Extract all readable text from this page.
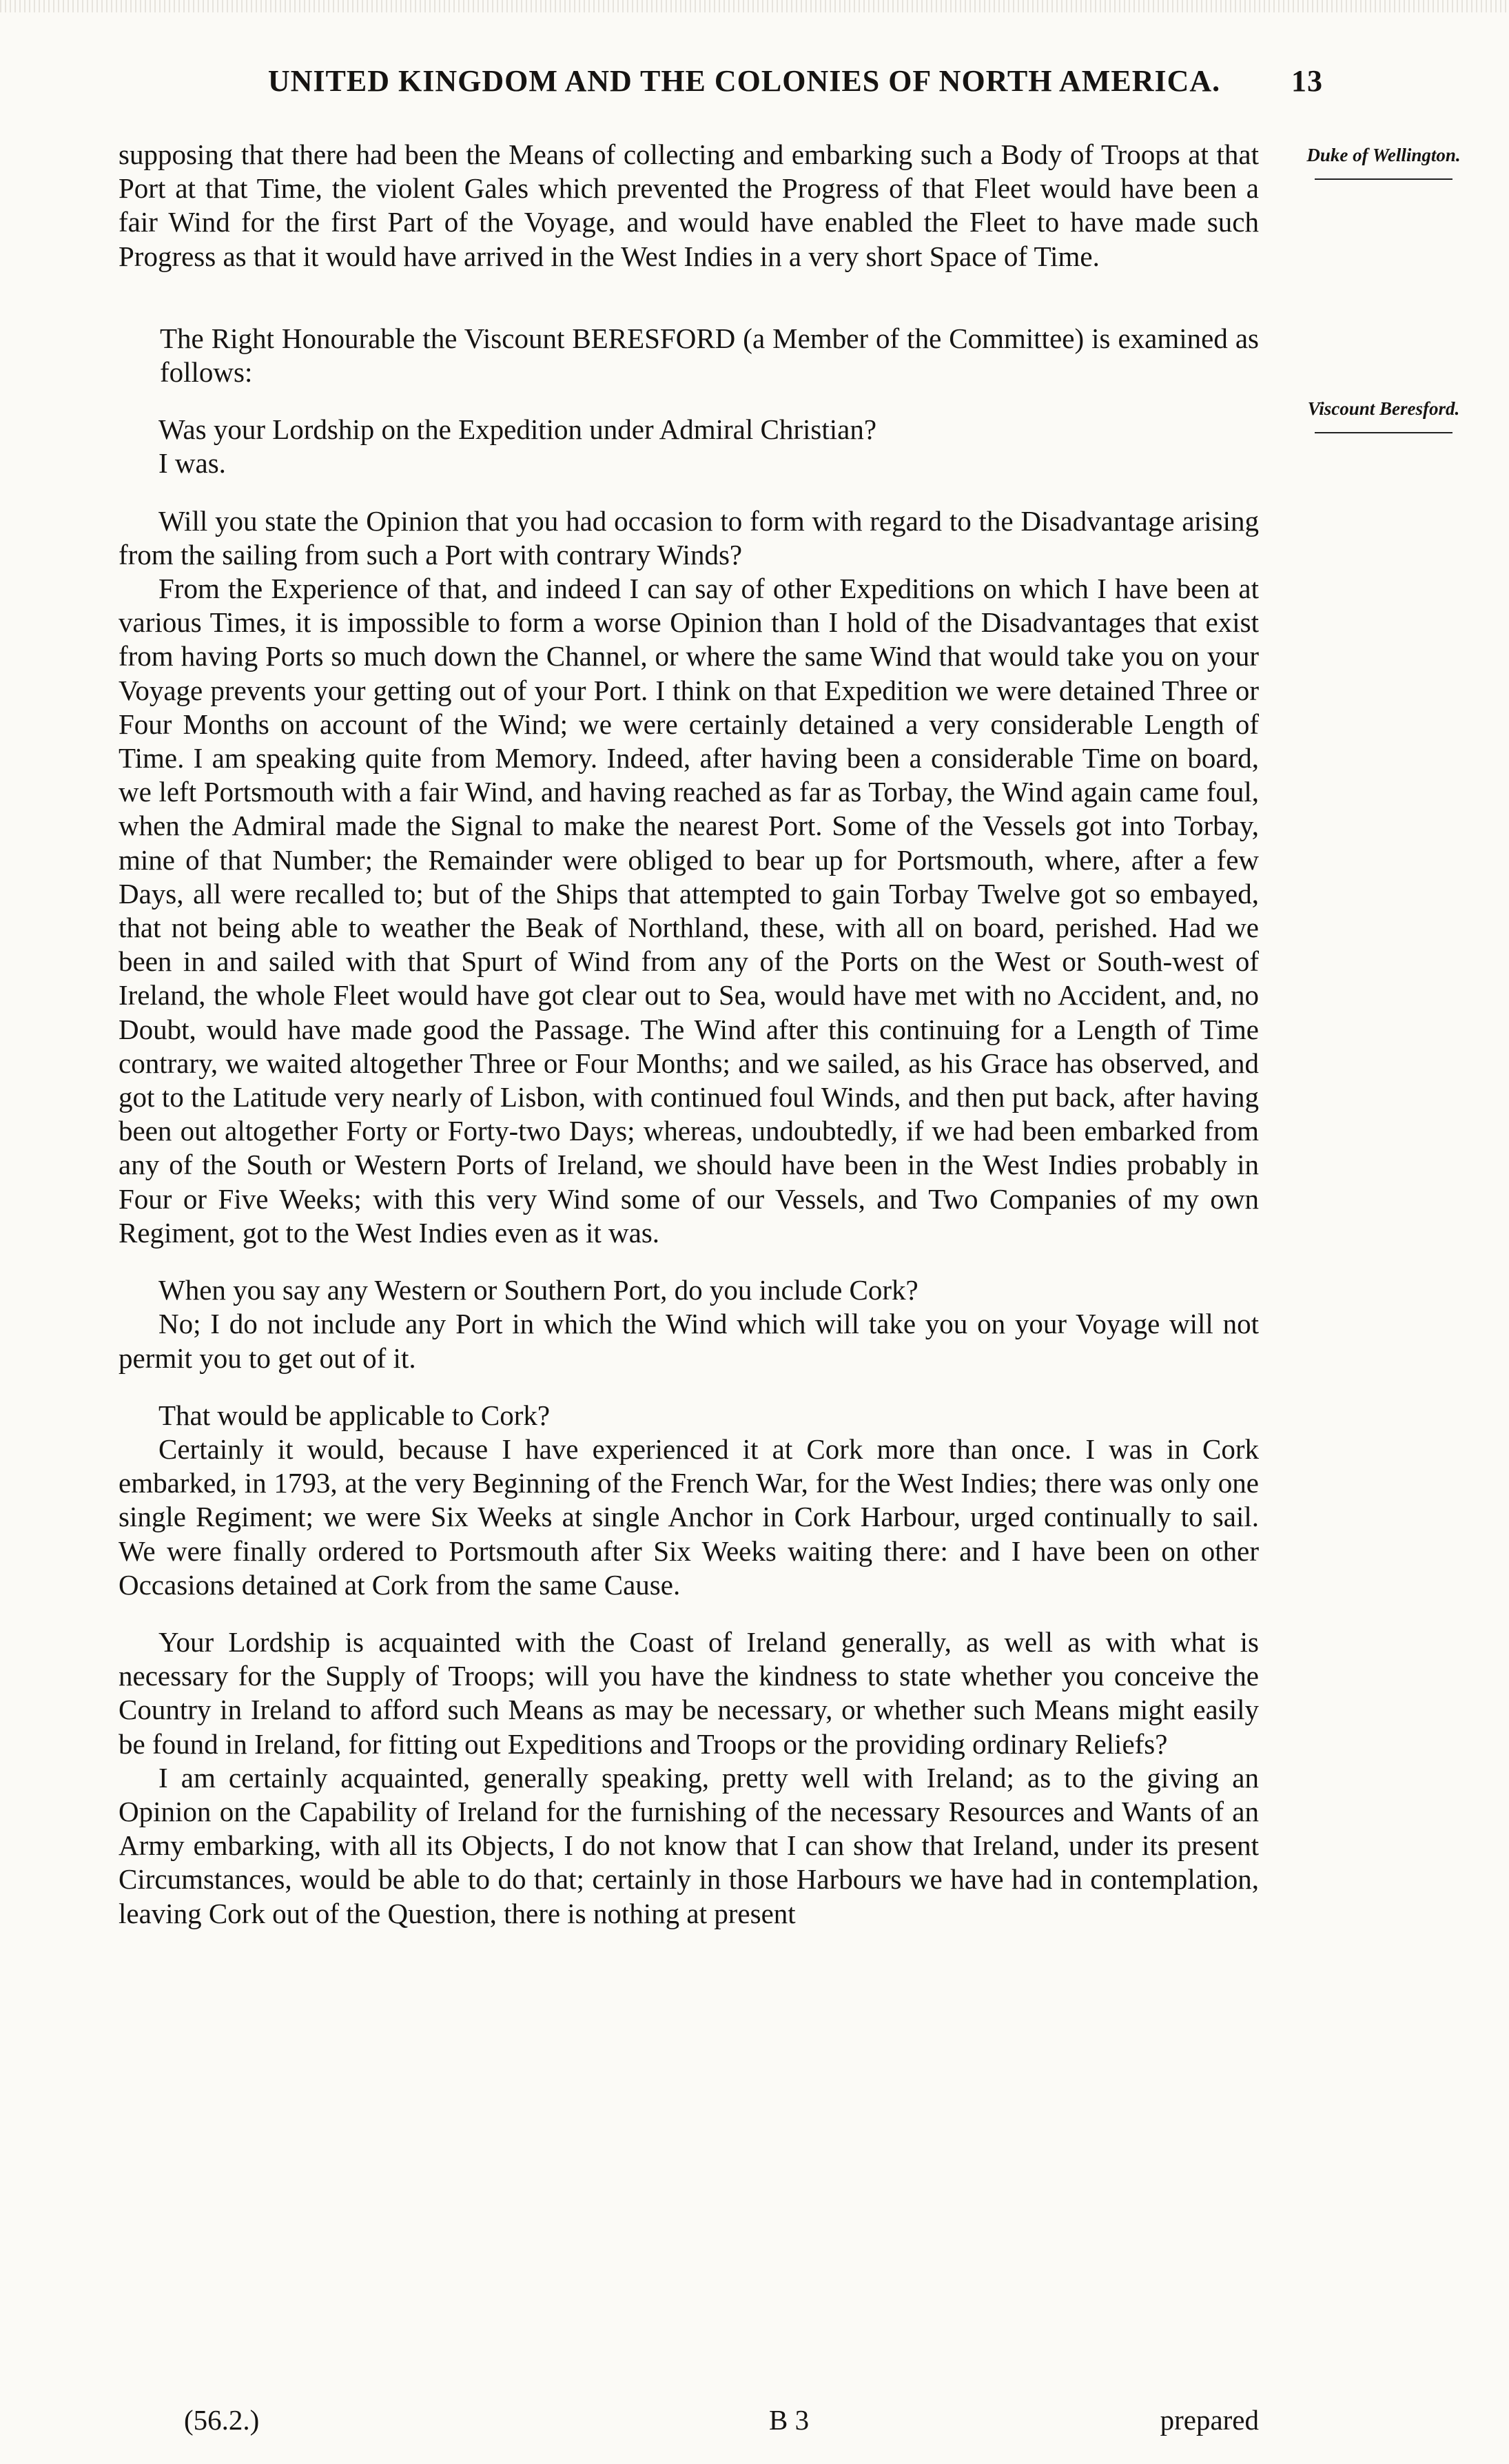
UNITED KINGDOM AND THE COLONIES OF NORTH AMERICA.	13
Duke of Wellington.
Viscount Beresford.

supposing that there had been the Means of collecting and embarking such a Body of Troops at that Port at that Time, the violent Gales which prevented the Progress of that Fleet would have been a fair Wind for the first Part of the Voyage, and would have enabled the Fleet to have made such Progress as that it would have arrived in the West Indies in a very short Space of Time.

The Right Honourable the Viscount BERESFORD (a Member of the Committee) is examined as follows:

Was your Lordship on the Expedition under Admiral Christian?

I was.

Will you state the Opinion that you had occasion to form with regard to the Disadvantage arising from the sailing from such a Port with contrary Winds?

From the Experience of that, and indeed I can say of other Expeditions on which I have been at various Times, it is impossible to form a worse Opinion than I hold of the Disadvantages that exist from having Ports so much down the Channel, or where the same Wind that would take you on your Voyage prevents your getting out of your Port. I think on that Expedition we were detained Three or Four Months on account of the Wind; we were certainly detained a very considerable Length of Time. I am speaking quite from Memory. Indeed, after having been a considerable Time on board, we left Portsmouth with a fair Wind, and having reached as far as Torbay, the Wind again came foul, when the Admiral made the Signal to make the nearest Port. Some of the Vessels got into Torbay, mine of that Number; the Remainder were obliged to bear up for Portsmouth, where, after a few Days, all were recalled to; but of the Ships that attempted to gain Torbay Twelve got so embayed, that not being able to weather the Beak of Northland, these, with all on board, perished. Had we been in and sailed with that Spurt of Wind from any of the Ports on the West or South-west of Ireland, the whole Fleet would have got clear out to Sea, would have met with no Accident, and, no Doubt, would have made good the Passage. The Wind after this continuing for a Length of Time contrary, we waited altogether Three or Four Months; and we sailed, as his Grace has observed, and got to the Latitude very nearly of Lisbon, with continued foul Winds, and then put back, after having been out altogether Forty or Forty-two Days; whereas, undoubtedly, if we had been embarked from any of the South or Western Ports of Ireland, we should have been in the West Indies probably in Four or Five Weeks; with this very Wind some of our Vessels, and Two Companies of my own Regiment, got to the West Indies even as it was.

When you say any Western or Southern Port, do you include Cork?

No; I do not include any Port in which the Wind which will take you on your Voyage will not permit you to get out of it.

That would be applicable to Cork?

Certainly it would, because I have experienced it at Cork more than once. I was in Cork embarked, in 1793, at the very Beginning of the French War, for the West Indies; there was only one single Regiment; we were Six Weeks at single Anchor in Cork Harbour, urged continually to sail. We were finally ordered to Portsmouth after Six Weeks waiting there: and I have been on other Occasions detained at Cork from the same Cause.

Your Lordship is acquainted with the Coast of Ireland generally, as well as with what is necessary for the Supply of Troops; will you have the kindness to state whether you conceive the Country in Ireland to afford such Means as may be necessary, or whether such Means might easily be found in Ireland, for fitting out Expeditions and Troops or the providing ordinary Reliefs?

I am certainly acquainted, generally speaking, pretty well with Ireland; as to the giving an Opinion on the Capability of Ireland for the furnishing of the necessary Resources and Wants of an Army embarking, with all its Objects, I do not know that I can show that Ireland, under its present Circumstances, would be able to do that; certainly in those Harbours we have had in contemplation, leaving Cork out of the Question, there is nothing at present

(56.2.)	B 3	prepared
